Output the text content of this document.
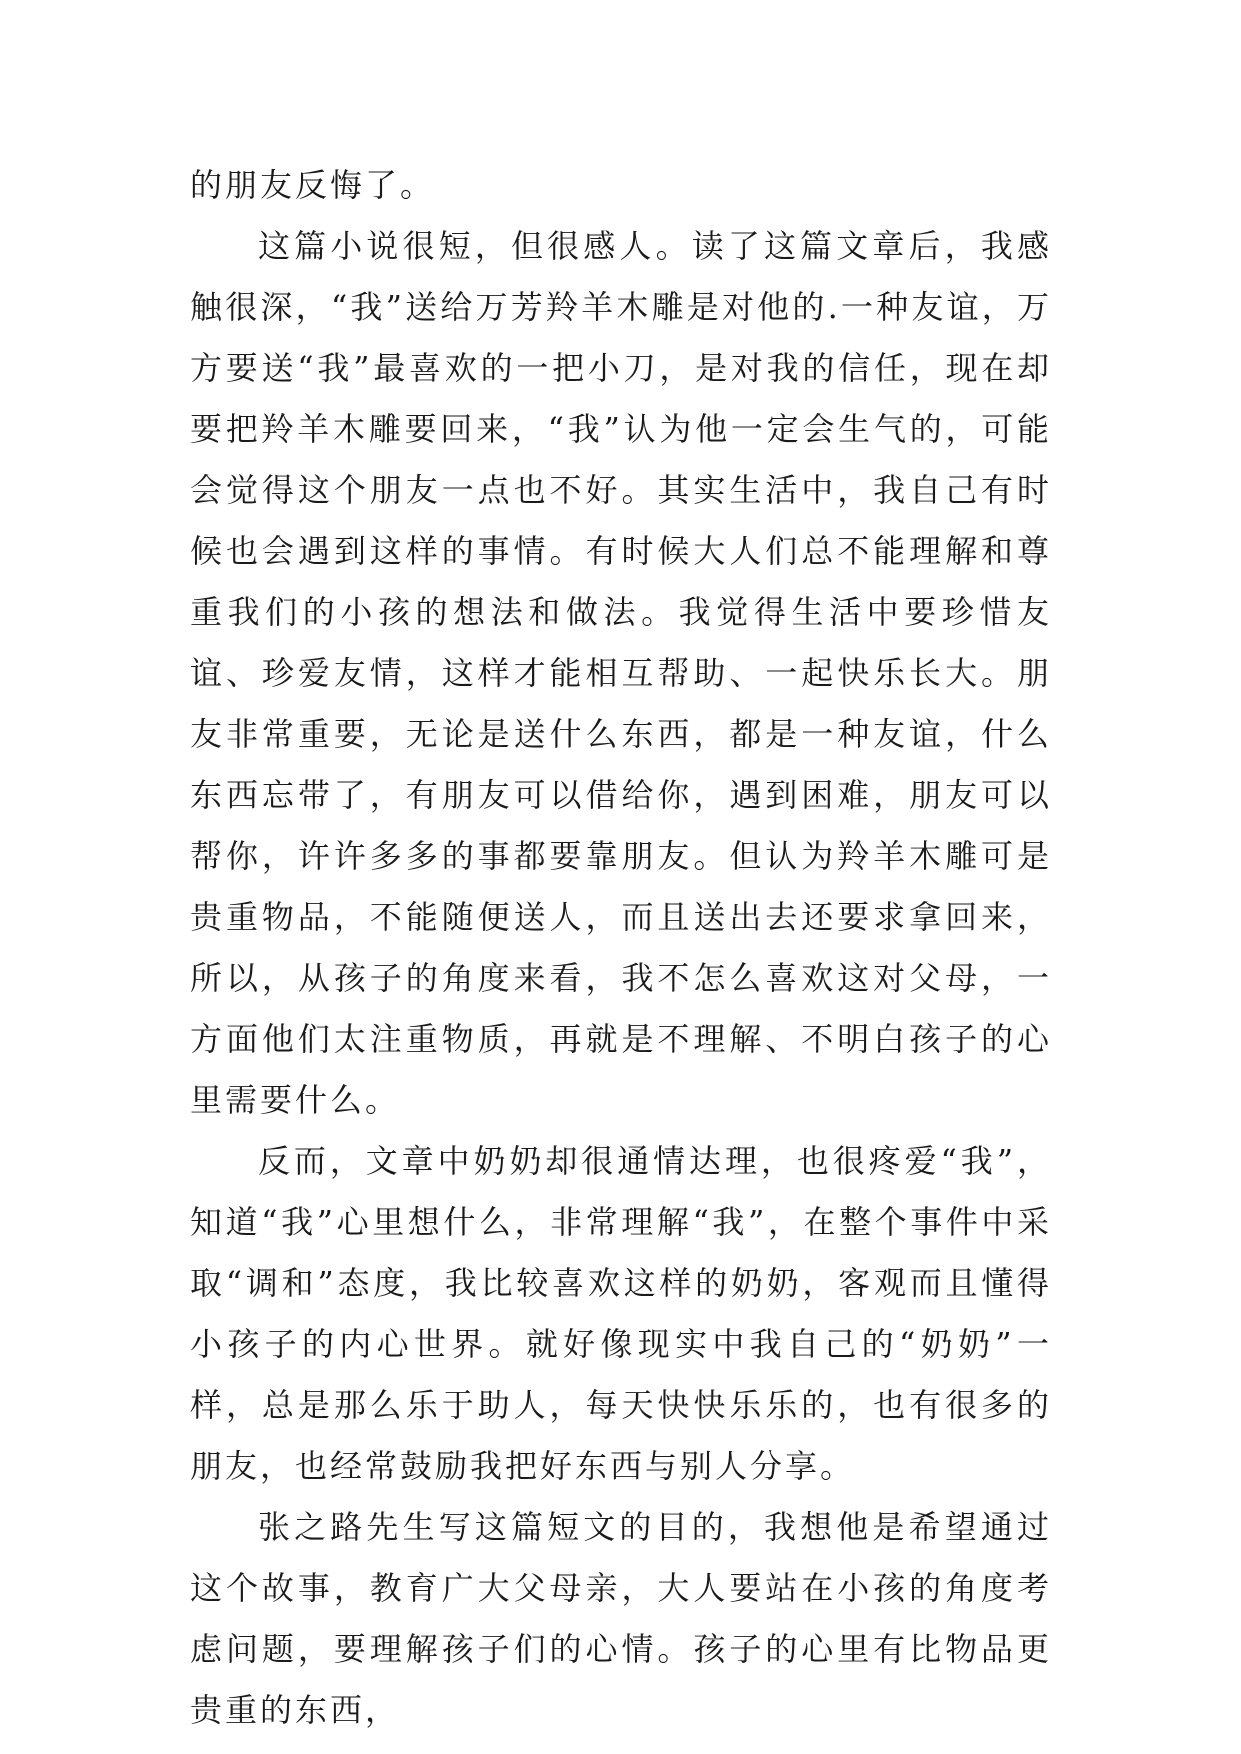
的朋友反悔了。

这篇小说很短，但很感人。读了这篇文章后，我感触很深，“我”送给万芳羚羊木雕是对他的.一种友谊，万方要送“我”最喜欢的一把小刀，是对我的信任，现在却要把羚羊木雕要回来，“我”认为他一定会生气的，可能会觉得这个朋友一点也不好。其实生活中，我自己有时候也会遇到这样的事情。有时候大人们总不能理解和尊重我们的小孩的想法和做法。我觉得生活中要珍惜友谊、珍爱友情，这样才能相互帮助、一起快乐长大。朋友非常重要，无论是送什么东西，都是一种友谊，什么东西忘带了，有朋友可以借给你，遇到困难，朋友可以帮你，许许多多的事都要靠朋友。但认为羚羊木雕可是贵重物品，不能随便送人，而且送出去还要求拿回来，所以，从孩子的角度来看，我不怎么喜欢这对父母，一方面他们太注重物质，再就是不理解、不明白孩子的心里需要什么。

反而，文章中奶奶却很通情达理，也很疼爱“我”，知道“我”心里想什么，非常理解“我”，在整个事件中采取“调和”态度，我比较喜欢这样的奶奶，客观而且懂得小孩子的内心世界。就好像现实中我自己的“奶奶”一样，总是那么乐于助人，每天快快乐乐的，也有很多的朋友，也经常鼓励我把好东西与别人分享。

张之路先生写这篇短文的目的，我想他是希望通过这个故事，教育广大父母亲，大人要站在小孩的角度考虑问题，要理解孩子们的心情。孩子的心里有比物品更贵重的东西，
